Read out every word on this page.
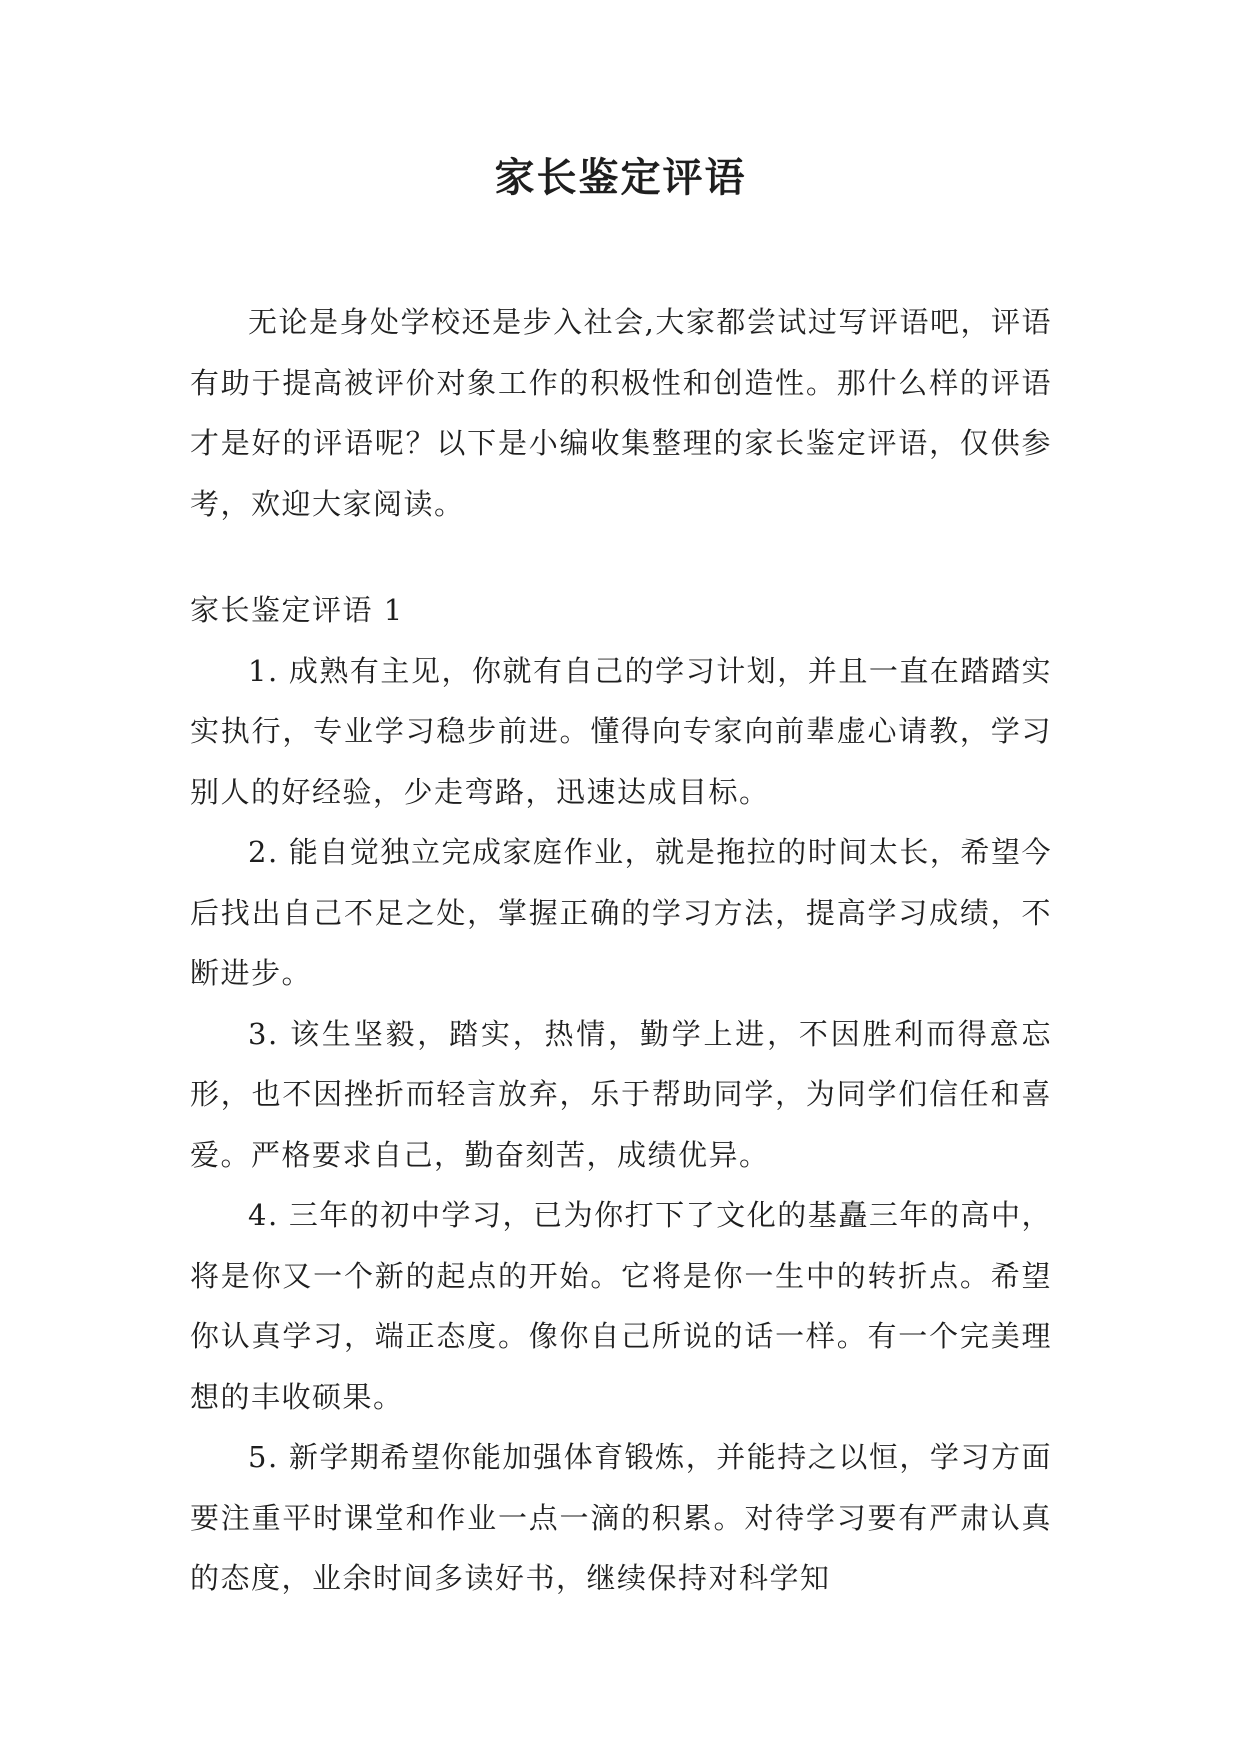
家长鉴定评语

无论是身处学校还是步入社会,大家都尝试过写评语吧，评语有助于提高被评价对象工作的积极性和创造性。那什么样的评语才是好的评语呢？以下是小编收集整理的家长鉴定评语，仅供参考，欢迎大家阅读。

家长鉴定评语 1

1. 成熟有主见，你就有自己的学习计划，并且一直在踏踏实实执行，专业学习稳步前进。懂得向专家向前辈虚心请教，学习别人的好经验，少走弯路，迅速达成目标。

2. 能自觉独立完成家庭作业，就是拖拉的时间太长，希望今后找出自己不足之处，掌握正确的学习方法，提高学习成绩，不断进步。

3. 该生坚毅，踏实，热情，勤学上进，不因胜利而得意忘形，也不因挫折而轻言放弃，乐于帮助同学，为同学们信任和喜爱。严格要求自己，勤奋刻苦，成绩优异。

4. 三年的初中学习，已为你打下了文化的基矗三年的高中，将是你又一个新的起点的开始。它将是你一生中的转折点。希望你认真学习，端正态度。像你自己所说的话一样。有一个完美理想的丰收硕果。

5. 新学期希望你能加强体育锻炼，并能持之以恒，学习方面要注重平时课堂和作业一点一滴的积累。对待学习要有严肃认真的态度，业余时间多读好书，继续保持对科学知
